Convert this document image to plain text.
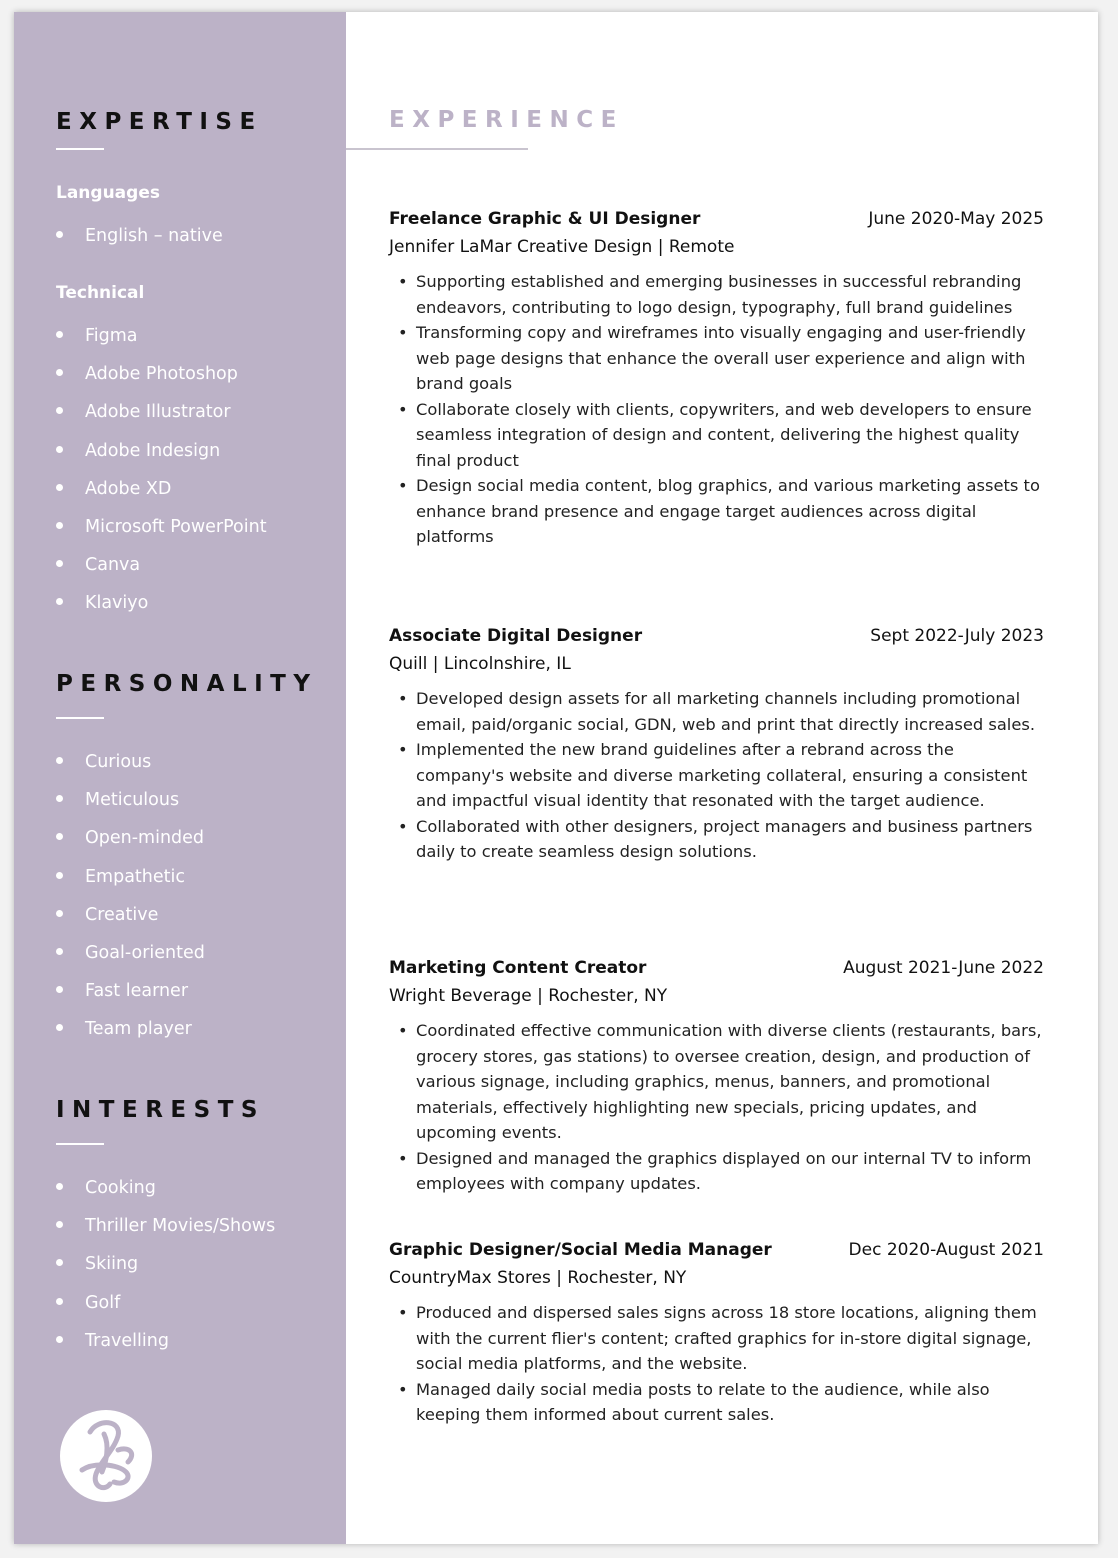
EXPERTISE
Languages
English – native
Technical
Figma
Adobe Photoshop
Adobe Illustrator
Adobe Indesign
Adobe XD
Microsoft PowerPoint
Canva
Klaviyo
PERSONALITY
Curious
Meticulous
Open-minded
Empathetic
Creative
Goal-oriented
Fast learner
Team player
INTERESTS
Cooking
Thriller Movies/Shows
Skiing
Golf
Travelling
EXPERIENCE
Freelance Graphic & UI Designer	June 2020-May 2025
Jennifer LaMar Creative Design | Remote
• Supporting established and emerging businesses in successful rebranding endeavors, contributing to logo design, typography, full brand guidelines
• Transforming copy and wireframes into visually engaging and user-friendly web page designs that enhance the overall user experience and align with brand goals
• Collaborate closely with clients, copywriters, and web developers to ensure seamless integration of design and content, delivering the highest quality final product
• Design social media content, blog graphics, and various marketing assets to enhance brand presence and engage target audiences across digital platforms
Associate Digital Designer	Sept 2022-July 2023
Quill | Lincolnshire, IL
• Developed design assets for all marketing channels including promotional email, paid/organic social, GDN, web and print that directly increased sales.
• Implemented the new brand guidelines after a rebrand across the company's website and diverse marketing collateral, ensuring a consistent and impactful visual identity that resonated with the target audience.
• Collaborated with other designers, project managers and business partners daily to create seamless design solutions.
Marketing Content Creator	August 2021-June 2022
Wright Beverage | Rochester, NY
• Coordinated effective communication with diverse clients (restaurants, bars, grocery stores, gas stations) to oversee creation, design, and production of various signage, including graphics, menus, banners, and promotional materials, effectively highlighting new specials, pricing updates, and upcoming events.
• Designed and managed the graphics displayed on our internal TV to inform employees with company updates.
Graphic Designer/Social Media Manager	Dec 2020-August 2021
CountryMax Stores | Rochester, NY
• Produced and dispersed sales signs across 18 store locations, aligning them with the current flier's content; crafted graphics for in-store digital signage, social media platforms, and the website.
• Managed daily social media posts to relate to the audience, while also keeping them informed about current sales.
